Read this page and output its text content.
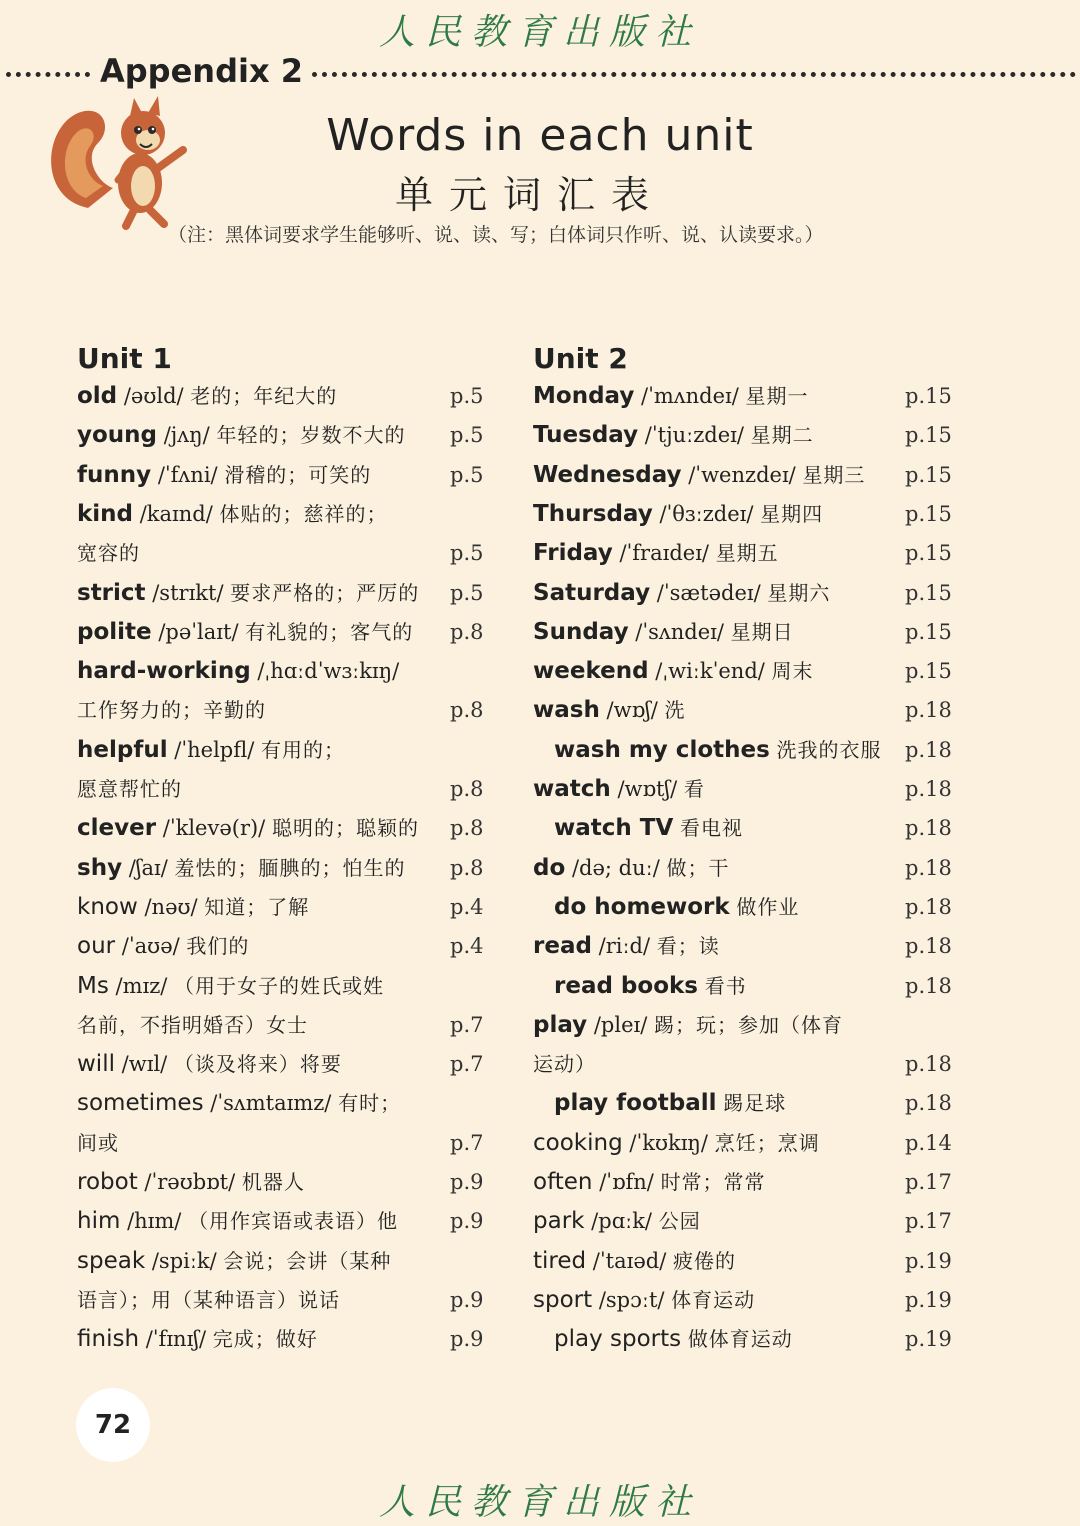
人民教育出版社
Appendix 2
Words in each unit
单元词汇表
（注：黑体词要求学生能够听、说、读、写；白体词只作听、说、认读要求。）
Unit 1	Unit 2
old /əʊld/ 老的；年纪大的	p.5
young /jʌŋ/ 年轻的；岁数不大的 p.5
funny /ˈfʌni/ 滑稽的；可笑的	p.5
kind /kaɪnd/ 体贴的；慈祥的；
宽容的	p.5
strict /strɪkt/ 要求严格的；严厉的 p.5
polite /pəˈlaɪt/ 有礼貌的；客气的 p.8
hard-working /ˌhɑːdˈwɜːkɪŋ/
工作努力的；辛勤的	p.8
helpful /ˈhelpfl/ 有用的；
愿意帮忙的	p.8
clever /ˈklevə(r)/ 聪明的；聪颖的 p.8
shy /ʃaɪ/ 羞怯的；腼腆的；怕生的 p.8
know /nəʊ/ 知道；了解	p.4
our /ˈaʊə/ 我们的	p.4
Ms /mɪz/ （用于女子的姓氏或姓
名前，不指明婚否）女士	p.7
will /wɪl/ （谈及将来）将要	p.7
sometimes /ˈsʌmtaɪmz/ 有时；
间或	p.7
robot /ˈrəʊbɒt/ 机器人	p.9
him /hɪm/ （用作宾语或表语）他 p.9
speak /spiːk/ 会说；会讲（某种
语言）；用（某种语言）说话	p.9
finish /ˈfɪnɪʃ/ 完成；做好	p.9
Monday /ˈmʌndeɪ/ 星期一	p.15
Tuesday /ˈtjuːzdeɪ/ 星期二	p.15
Wednesday /ˈwenzdeɪ/ 星期三 p.15
Thursday /ˈθɜːzdeɪ/ 星期四	p.15
Friday /ˈfraɪdeɪ/ 星期五	p.15
Saturday /ˈsætədeɪ/ 星期六	p.15
Sunday /ˈsʌndeɪ/ 星期日	p.15
weekend /ˌwiːkˈend/ 周末	p.15
wash /wɒʃ/ 洗	p.18
wash my clothes 洗我的衣服 p.18
watch /wɒtʃ/ 看	p.18
watch TV 看电视	p.18
do /də; duː/ 做；干	p.18
do homework 做作业	p.18
read /riːd/ 看；读	p.18
read books 看书	p.18
play /pleɪ/ 踢；玩；参加（体育
运动）	p.18
play football 踢足球	p.18
cooking /ˈkʊkɪŋ/ 烹饪；烹调	p.14
often /ˈɒfn/ 时常；常常	p.17
park /pɑːk/ 公园	p.17
tired /ˈtaɪəd/ 疲倦的	p.19
sport /spɔːt/ 体育运动	p.19
play sports 做体育运动	p.19
72
人民教育出版社
